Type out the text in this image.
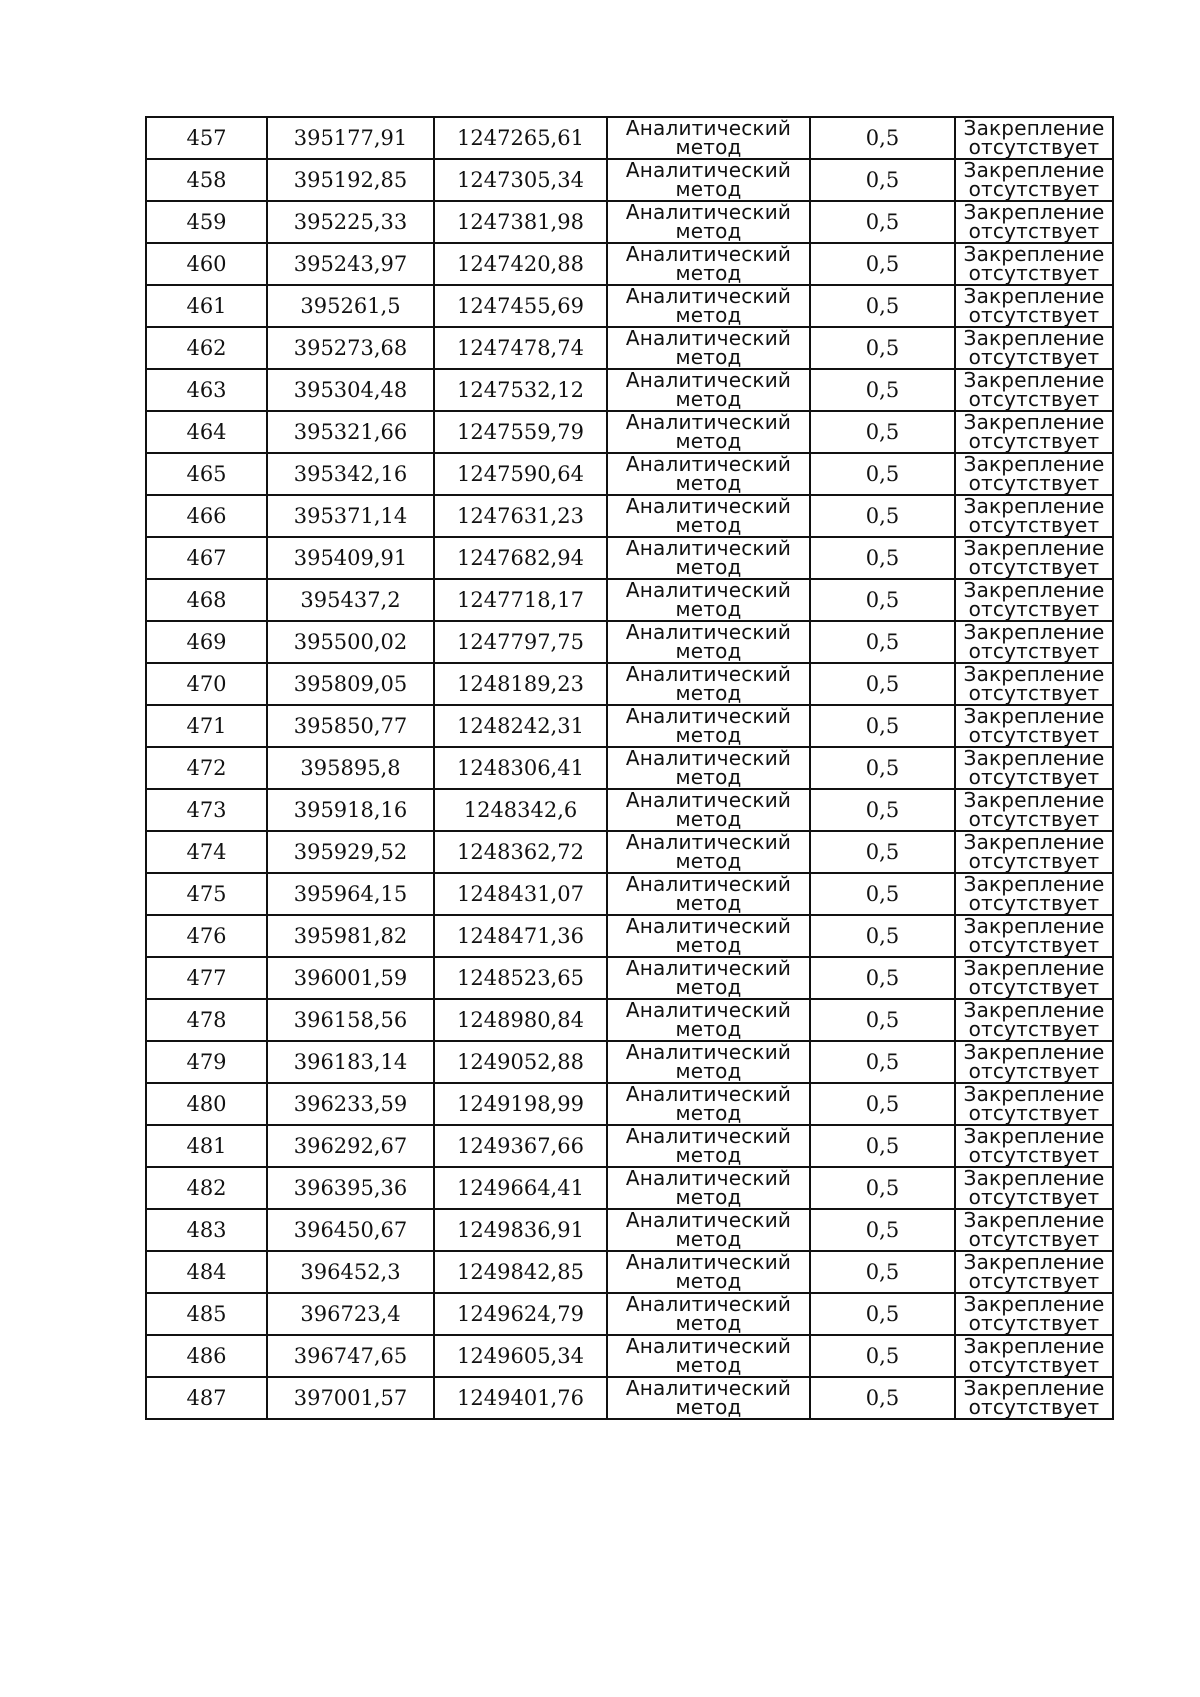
457	395177,91	1247265,61	Аналитический
метод	0,5	Закрепление
отсутствует

458	395192,85	1247305,34	Аналитический
метод	0,5	Закрепление
отсутствует

459	395225,33	1247381,98	Аналитический
метод	0,5	Закрепление
отсутствует

460	395243,97	1247420,88	Аналитический
метод	0,5	Закрепление
отсутствует

461	395261,5	1247455,69	Аналитический
метод	0,5	Закрепление
отсутствует

462	395273,68	1247478,74	Аналитический
метод	0,5	Закрепление
отсутствует

463	395304,48	1247532,12	Аналитический
метод	0,5	Закрепление
отсутствует

464	395321,66	1247559,79	Аналитический
метод	0,5	Закрепление
отсутствует

465	395342,16	1247590,64	Аналитический
метод	0,5	Закрепление
отсутствует

466	395371,14	1247631,23	Аналитический
метод	0,5	Закрепление
отсутствует

467	395409,91	1247682,94	Аналитический
метод	0,5	Закрепление
отсутствует

468	395437,2	1247718,17	Аналитический
метод	0,5	Закрепление
отсутствует

469	395500,02	1247797,75	Аналитический
метод	0,5	Закрепление
отсутствует

470	395809,05	1248189,23	Аналитический
метод	0,5	Закрепление
отсутствует

471	395850,77	1248242,31	Аналитический
метод	0,5	Закрепление
отсутствует

472	395895,8	1248306,41	Аналитический
метод	0,5	Закрепление
отсутствует

473	395918,16	1248342,6	Аналитический
метод	0,5	Закрепление
отсутствует

474	395929,52	1248362,72	Аналитический
метод	0,5	Закрепление
отсутствует

475	395964,15	1248431,07	Аналитический
метод	0,5	Закрепление
отсутствует

476	395981,82	1248471,36	Аналитический
метод	0,5	Закрепление
отсутствует

477	396001,59	1248523,65	Аналитический
метод	0,5	Закрепление
отсутствует

478	396158,56	1248980,84	Аналитический
метод	0,5	Закрепление
отсутствует

479	396183,14	1249052,88	Аналитический
метод	0,5	Закрепление
отсутствует

480	396233,59	1249198,99	Аналитический
метод	0,5	Закрепление
отсутствует

481	396292,67	1249367,66	Аналитический
метод	0,5	Закрепление
отсутствует

482	396395,36	1249664,41	Аналитический
метод	0,5	Закрепление
отсутствует

483	396450,67	1249836,91	Аналитический
метод	0,5	Закрепление
отсутствует

484	396452,3	1249842,85	Аналитический
метод	0,5	Закрепление
отсутствует

485	396723,4	1249624,79	Аналитический
метод	0,5	Закрепление
отсутствует

486	396747,65	1249605,34	Аналитический
метод	0,5	Закрепление
отсутствует

487	397001,57	1249401,76	Аналитический
метод	0,5	Закрепление
отсутствует
